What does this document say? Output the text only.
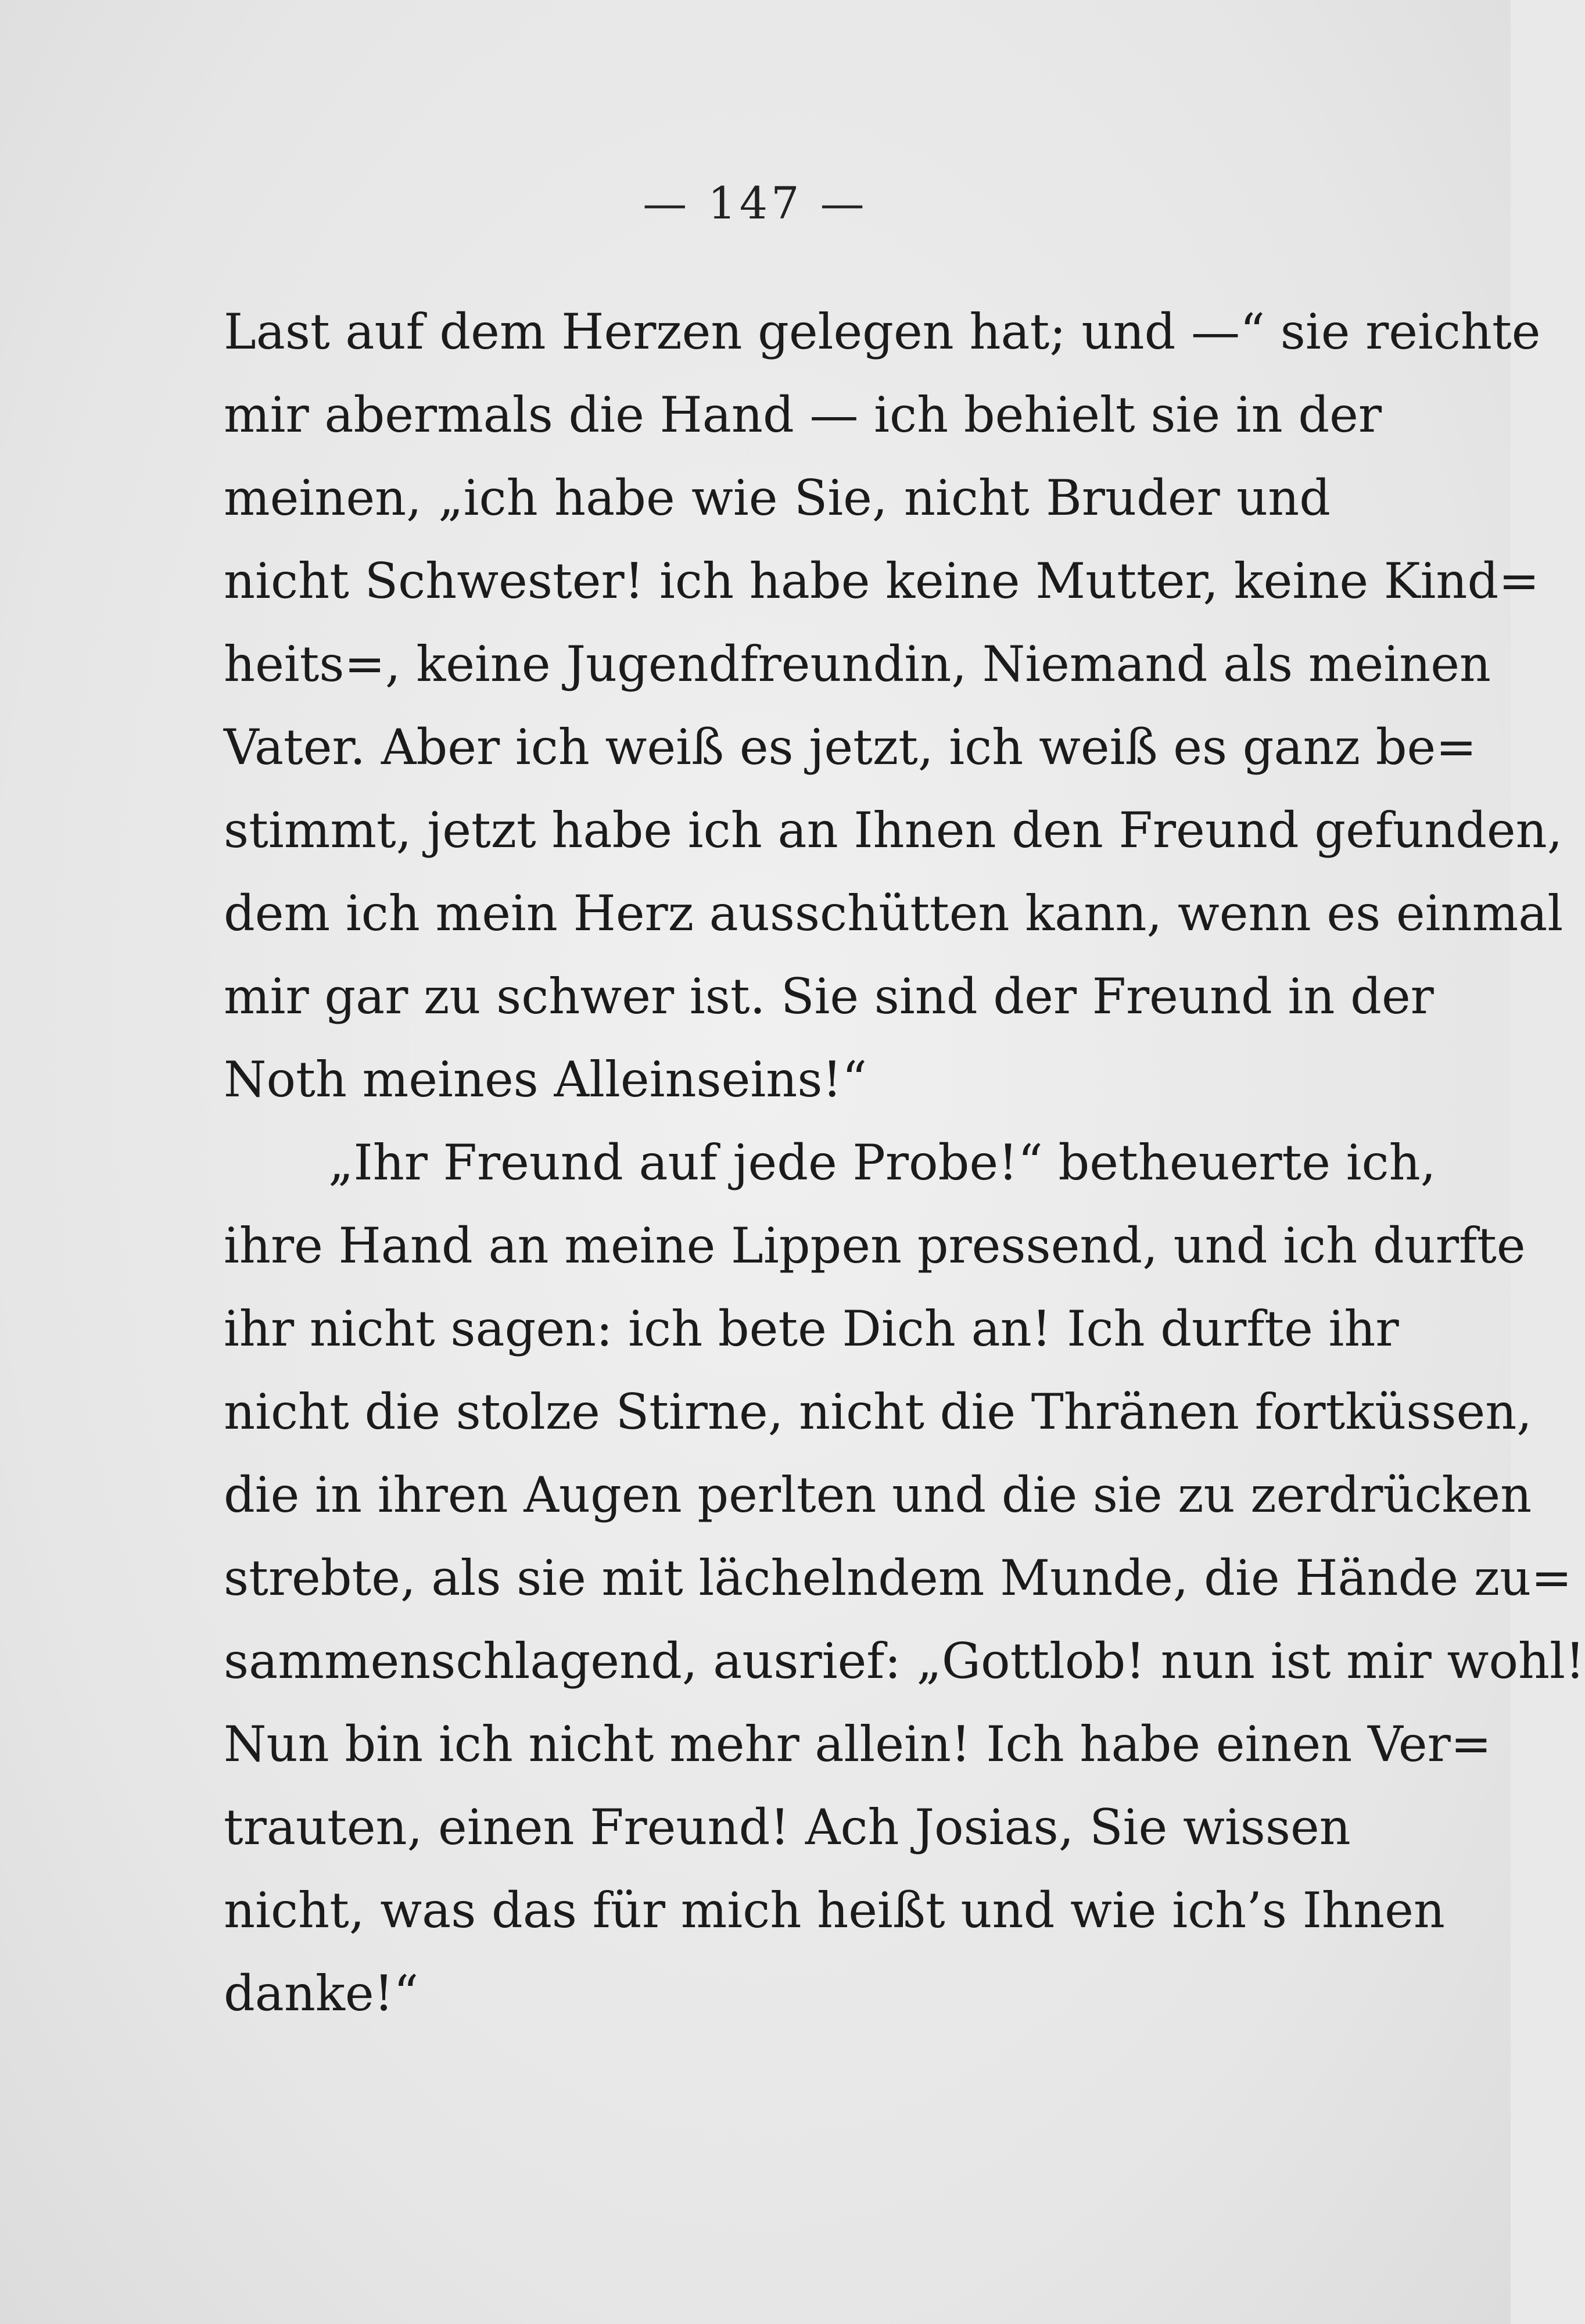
— 147 —
Last auf dem Herzen gelegen hat; und —“ sie reichte
mir abermals die Hand — ich behielt sie in der
meinen, „ich habe wie Sie, nicht Bruder und
nicht Schwester! ich habe keine Mutter, keine Kind=
heits=, keine Jugendfreundin, Niemand als meinen
Vater. Aber ich weiß es jetzt, ich weiß es ganz be=
stimmt, jetzt habe ich an Ihnen den Freund gefunden,
dem ich mein Herz ausschütten kann, wenn es einmal
mir gar zu schwer ist. Sie sind der Freund in der
Noth meines Alleinseins!“
„Ihr Freund auf jede Probe!“ betheuerte ich,
ihre Hand an meine Lippen pressend, und ich durfte
ihr nicht sagen: ich bete Dich an! Ich durfte ihr
nicht die stolze Stirne, nicht die Thränen fortküssen,
die in ihren Augen perlten und die sie zu zerdrücken
strebte, als sie mit lächelndem Munde, die Hände zu=
sammenschlagend, ausrief: „Gottlob! nun ist mir wohl!
Nun bin ich nicht mehr allein! Ich habe einen Ver=
trauten, einen Freund! Ach Josias, Sie wissen
nicht, was das für mich heißt und wie ich’s Ihnen
danke!“
